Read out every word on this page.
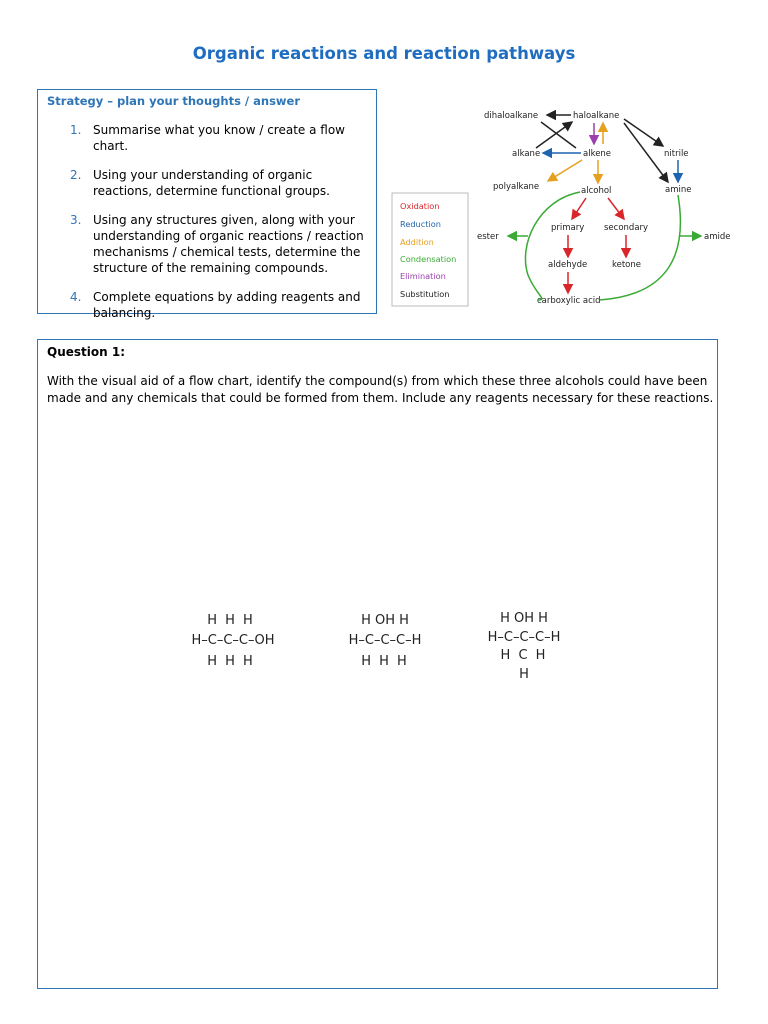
Organic reactions and reaction pathways
Strategy – plan your thoughts / answer
1. Summarise what you know / create a flow chart.
2. Using your understanding of organic reactions, determine functional groups.
3. Using any structures given, along with your understanding of organic reactions / reaction mechanisms / chemical tests, determine the structure of the remaining compounds.
4. Complete equations by adding reagents and balancing.
dihaloalkane	haloalkane
alkane	alkene	nitrile
polyalkane	alcohol	amine
ester
primary secondary
amide
aldehyde	ketone
carboxylic acid
Oxidation
Reduction
Addition
Condensation
Elimination
Substitution
Question 1:
With the visual aid of a flow chart, identify the compound(s) from which these three alcohols could have been made and any chemicals that could be formed from them. Include any reagents necessary for these reactions.
H H H
H–C–C–C–OH
H H H
H OH H
H–C–C–C–H
H H H
H OH H
H–C–C–C–H
H C H
H
